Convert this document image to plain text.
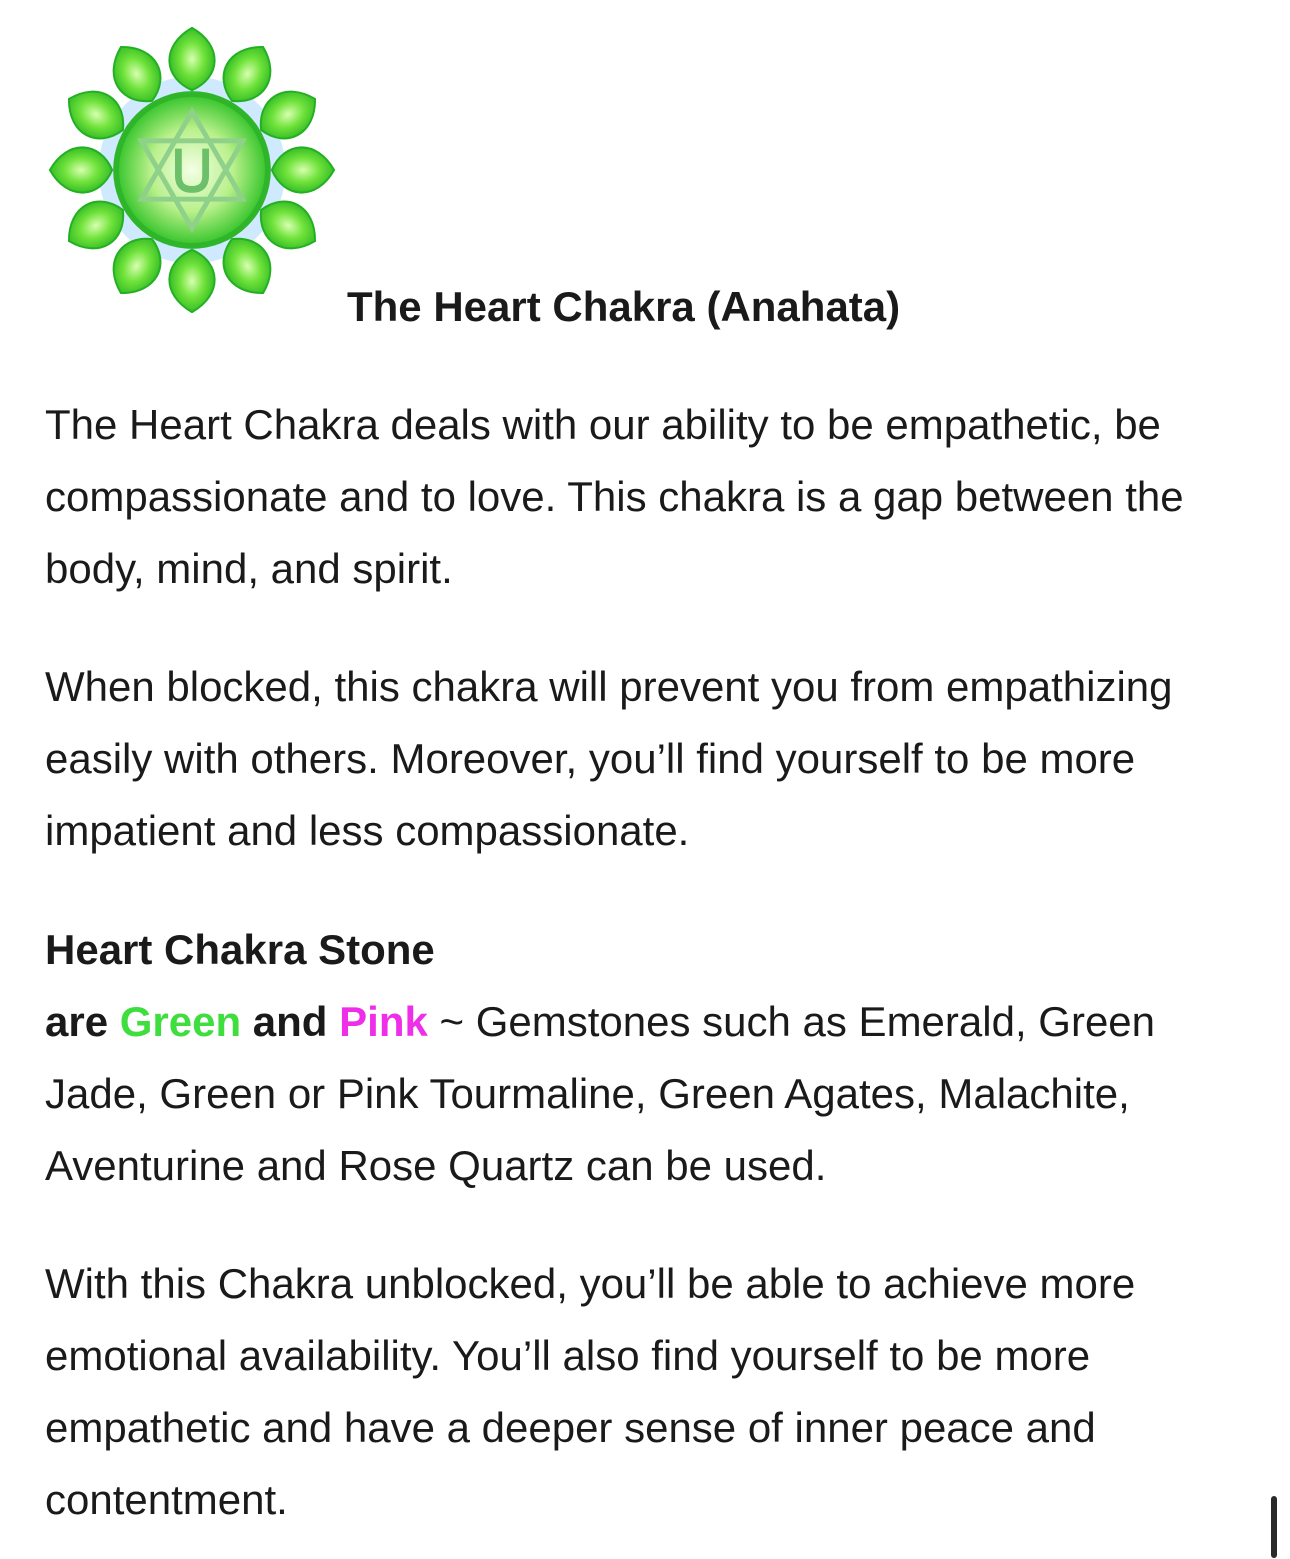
The Heart Chakra (Anahata)

The Heart Chakra deals with our ability to be empathetic, be compassionate and to love. This chakra is a gap between the body, mind, and spirit.

When blocked, this chakra will prevent you from empathizing easily with others. Moreover, you’ll find yourself to be more impatient and less compassionate.

Heart Chakra Stone

are Green and Pink ~ Gemstones such as Emerald, Green Jade, Green or Pink Tourmaline, Green Agates, Malachite, Aventurine and Rose Quartz can be used.

With this Chakra unblocked, you’ll be able to achieve more emotional availability. You’ll also find yourself to be more empathetic and have a deeper sense of inner peace and contentment.
